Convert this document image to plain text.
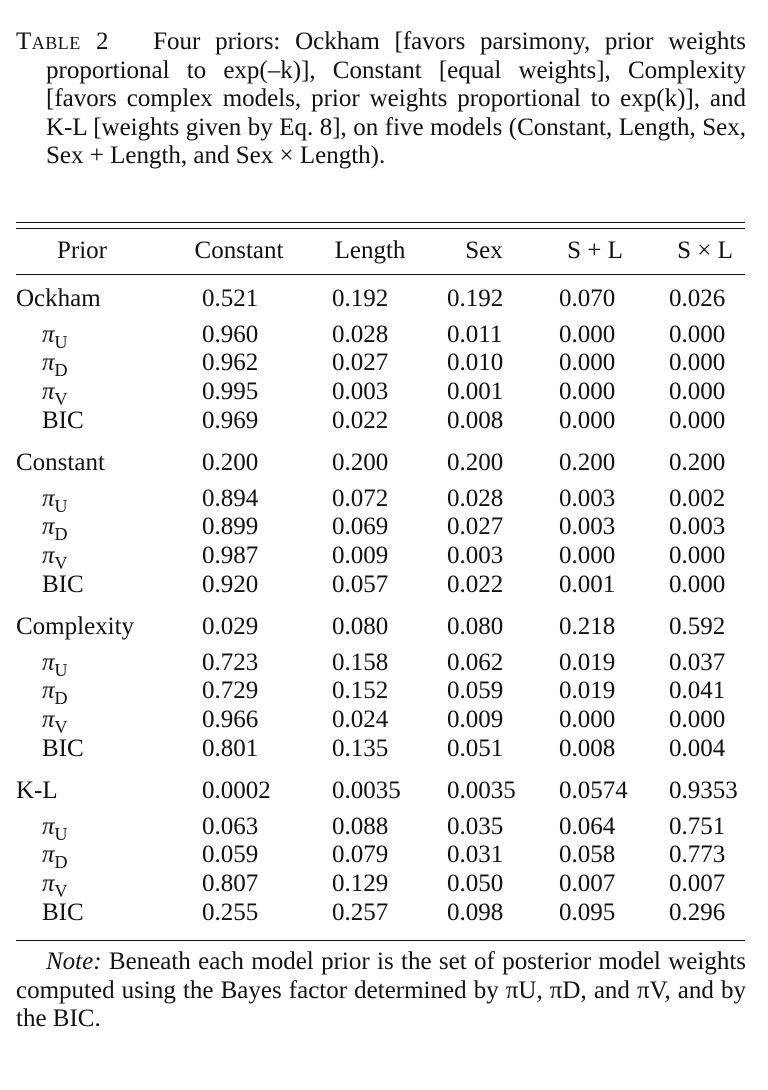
Table 2 Four priors: Ockham [favors parsimony, prior weights proportional to exp(–k)], Constant [equal weights], Complexity [favors complex models, prior weights proportional to exp(k)], and K-L [weights given by Eq. 8], on five models (Constant, Length, Sex, Sex + Length, and Sex × Length).
Prior	Constant	Length	Sex	S + L	S × L
Ockham	0.521	0.192 0.192 0.070 0.026
$\pi_U$	0.960	0.028 0.011 0.000 0.000
$\pi_D$	0.962	0.027 0.010 0.000 0.000
$\pi_V$	0.995	0.003 0.001 0.000 0.000
BIC	0.969	0.022 0.008 0.000 0.000
Constant	0.200	0.200 0.200 0.200 0.200
$\pi_U$	0.894	0.072 0.028 0.003 0.002
$\pi_D$	0.899	0.069 0.027 0.003 0.003
$\pi_V$	0.987	0.009 0.003 0.000 0.000
BIC	0.920	0.057 0.022 0.001 0.000
Complexity	0.029	0.080 0.080 0.218 0.592
$\pi_U$	0.723	0.158 0.062 0.019 0.037
$\pi_D$	0.729	0.152 0.059 0.019 0.041
$\pi_V$	0.966	0.024 0.009 0.000 0.000
BIC	0.801	0.135 0.051 0.008 0.004
K-L	0.0002 0.0035 0.0035 0.0574 0.9353
$\pi_U$	0.063	0.088 0.035 0.064 0.751
$\pi_D$	0.059	0.079 0.031 0.058 0.773
$\pi_V$	0.807	0.129 0.050 0.007 0.007
BIC	0.255	0.257 0.098 0.095 0.296
Note: Beneath each model prior is the set of posterior model weights computed using the Bayes factor determined by πU, πD, and πV, and by the BIC.
